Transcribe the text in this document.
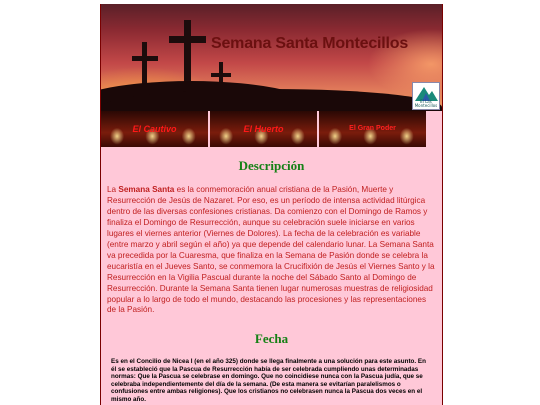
Semana Santa Montecillos
El Las Montecillos
El Cautivo	El Huerto	El Gran Poder
Descripción

La Semana Santa es la conmemoración anual cristiana de la Pasión, Muerte y Resurrección de Jesús de Nazaret. Por eso, es un período de intensa actividad litúrgica dentro de las diversas confesiones cristianas. Da comienzo con el Domingo de Ramos y finaliza el Domingo de Resurrección, aunque su celebración suele iniciarse en varios lugares el viernes anterior (Viernes de Dolores). La fecha de la celebración es variable (entre marzo y abril según el año) ya que depende del calendario lunar. La Semana Santa va precedida por la Cuaresma, que finaliza en la Semana de Pasión donde se celebra la eucaristía en el Jueves Santo, se conmemora la Crucifixión de Jesús el Viernes Santo y la Resurrección en la Vigilia Pascual durante la noche del Sábado Santo al Domingo de Resurrección. Durante la Semana Santa tienen lugar numerosas muestras de religiosidad popular a lo largo de todo el mundo, destacando las procesiones y las representaciones de la Pasión.

Fecha

Es en el Concilio de Nicea I (en el año 325) donde se llega finalmente a una solución para este asunto. En él se estableció que la Pascua de Resurrección había de ser celebrada cumpliendo unas determinadas normas: Que la Pascua se celebrase en domingo. Que no coincidiese nunca con la Pascua judía, que se celebraba independientemente del día de la semana. (De esta manera se evitarían paralelismos o confusiones entre ambas religiones). Que los cristianos no celebrasen nunca la Pascua dos veces en el mismo año.
